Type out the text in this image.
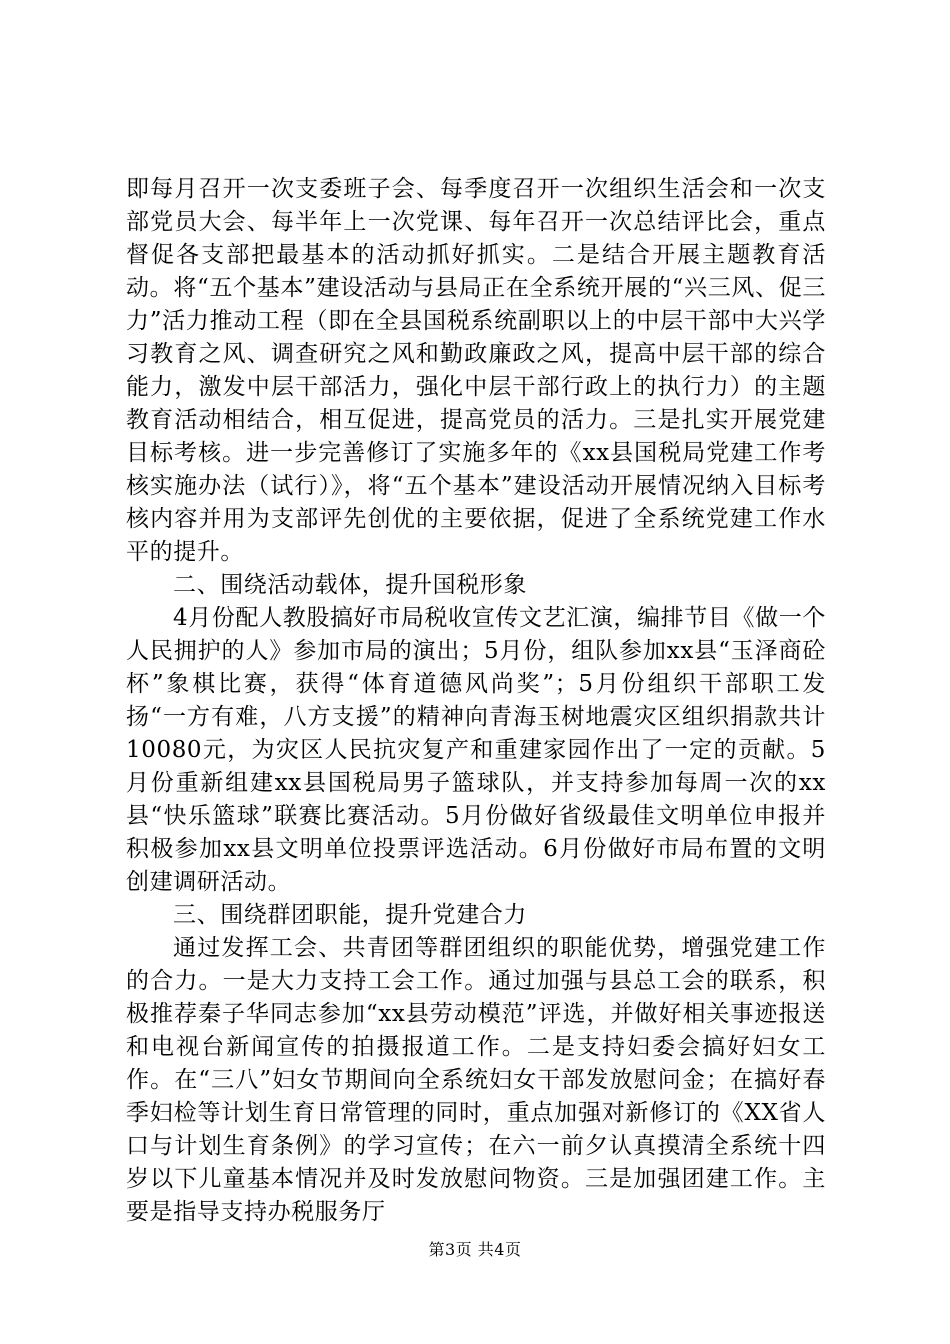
即每月召开一次支委班子会、每季度召开一次组织生活会和一次支部党员大会、每半年上一次党课、每年召开一次总结评比会，重点督促各支部把最基本的活动抓好抓实。二是结合开展主题教育活动。将“五个基本”建设活动与县局正在全系统开展的“兴三风、促三力”活力推动工程（即在全县国税系统副职以上的中层干部中大兴学习教育之风、调查研究之风和勤政廉政之风，提高中层干部的综合能力，激发中层干部活力，强化中层干部行政上的执行力）的主题教育活动相结合，相互促进，提高党员的活力。三是扎实开展党建目标考核。进一步完善修订了实施多年的《xx县国税局党建工作考核实施办法（试行）》，将“五个基本”建设活动开展情况纳入目标考核内容并用为支部评先创优的主要依据，促进了全系统党建工作水平的提升。

二、围绕活动载体，提升国税形象

4月份配人教股搞好市局税收宣传文艺汇演，编排节目《做一个人民拥护的人》参加市局的演出；5月份，组队参加xx县“玉泽商砼杯”象棋比赛，获得“体育道德风尚奖”；5月份组织干部职工发扬“一方有难，八方支援”的精神向青海玉树地震灾区组织捐款共计10080元，为灾区人民抗灾复产和重建家园作出了一定的贡献。5月份重新组建xx县国税局男子篮球队，并支持参加每周一次的xx县“快乐篮球”联赛比赛活动。5月份做好省级最佳文明单位申报并积极参加xx县文明单位投票评选活动。6月份做好市局布置的文明创建调研活动。

三、围绕群团职能，提升党建合力

通过发挥工会、共青团等群团组织的职能优势，增强党建工作的合力。一是大力支持工会工作。通过加强与县总工会的联系，积极推荐秦子华同志参加“xx县劳动模范”评选，并做好相关事迹报送和电视台新闻宣传的拍摄报道工作。二是支持妇委会搞好妇女工作。在“三八”妇女节期间向全系统妇女干部发放慰问金；在搞好春季妇检等计划生育日常管理的同时，重点加强对新修订的《XX省人口与计划生育条例》的学习宣传；在六一前夕认真摸清全系统十四岁以下儿童基本情况并及时发放慰问物资。三是加强团建工作。主要是指导支持办税服务厅

第3页 共4页
